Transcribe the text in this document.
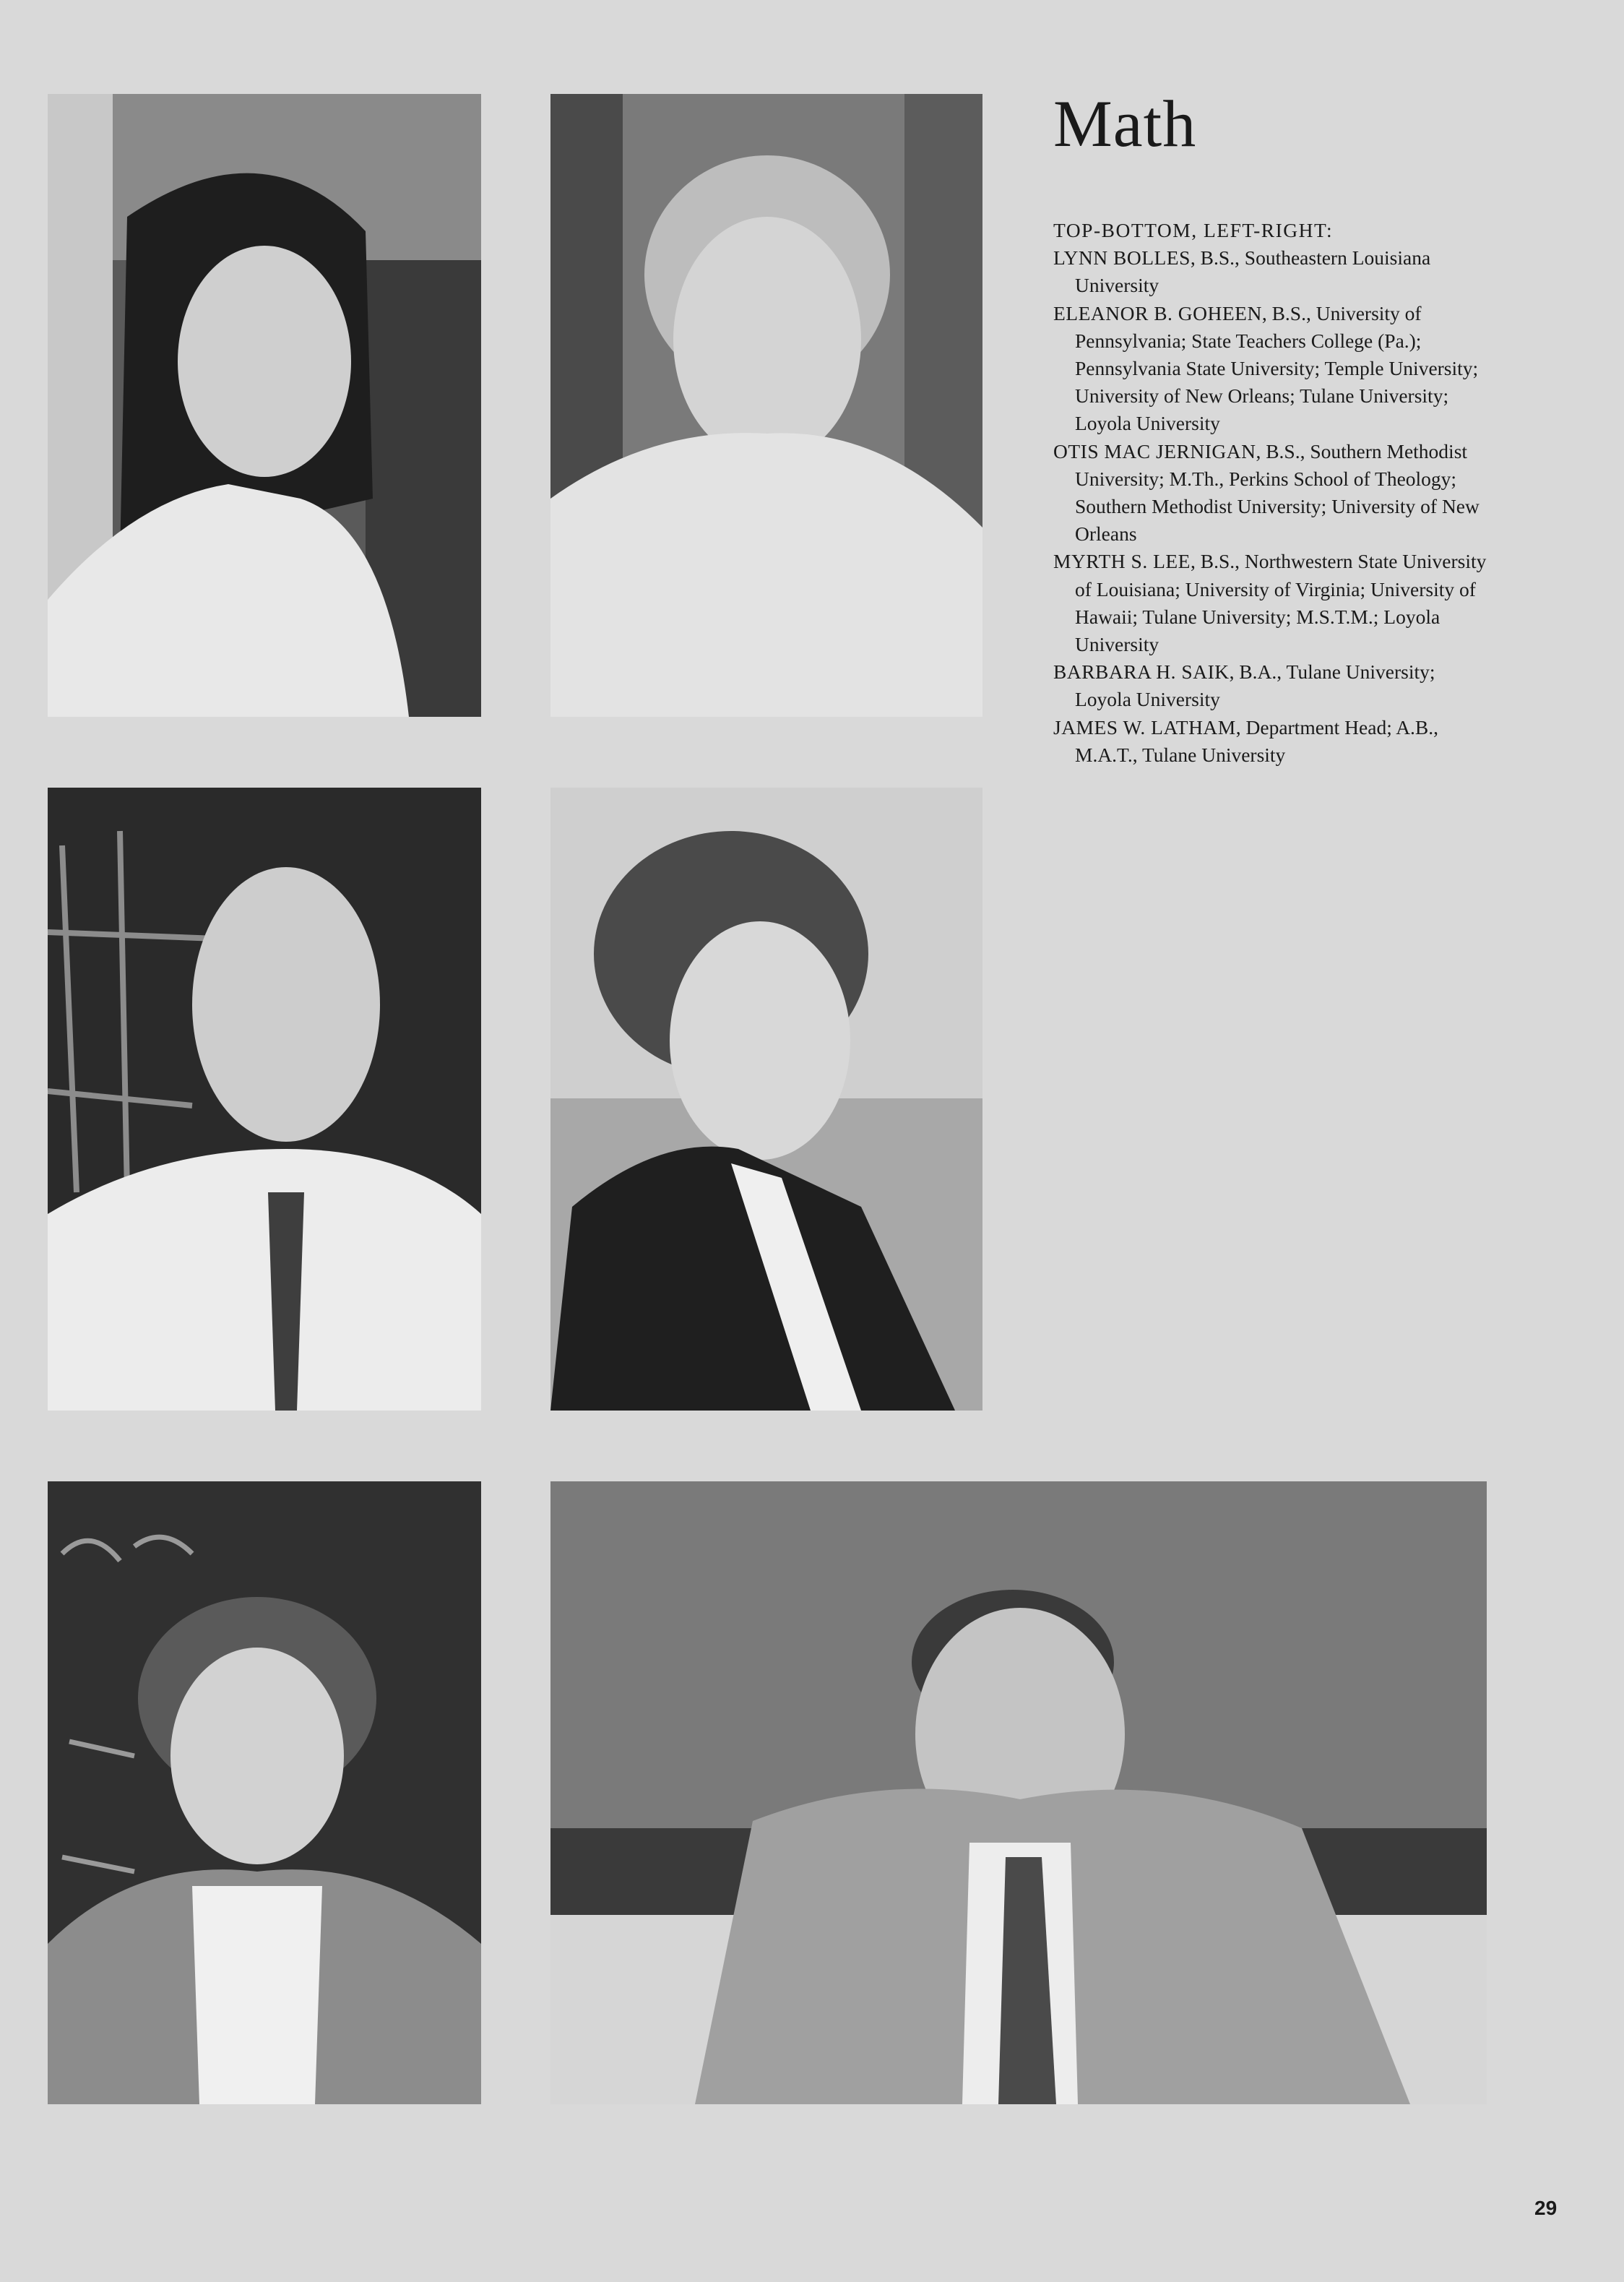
Math

TOP-BOTTOM, LEFT-RIGHT:

LYNN BOLLES, B.S., Southeastern Louisiana University

ELEANOR B. GOHEEN, B.S., University of Pennsylvania; State Teachers College (Pa.); Pennsylvania State University; Temple University; University of New Orleans; Tulane University; Loyola University

OTIS MAC JERNIGAN, B.S., Southern Methodist University; M.Th., Perkins School of Theology; Southern Methodist University; University of New Orleans

MYRTH S. LEE, B.S., Northwestern State University of Louisiana; University of Virginia; University of Hawaii; Tulane University; M.S.T.M.; Loyola University

BARBARA H. SAIK, B.A., Tulane University; Loyola University

JAMES W. LATHAM, Department Head; A.B., M.A.T., Tulane University

29
